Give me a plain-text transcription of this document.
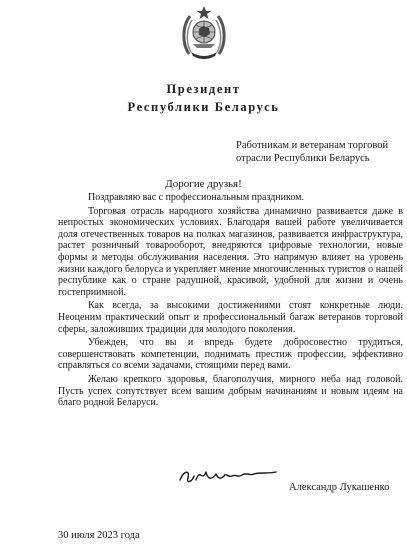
Президент
Республики Беларусь
Работникам и ветеранам торговой
отрасли Республики Беларусь
Дорогие друзья!

Поздравляю вас с профессиональным праздником.

Торговая отрасль народного хозяйства динамично развивается даже в непростых экономических условиях. Благодаря вашей работе увеличивается доля отечественных товаров на полках магазинов, развивается инфраструктура, растет розничный товарооборот, внедряются цифровые технологии, новые формы и методы обслуживания населения. Это напрямую влияет на уровень жизни каждого белоруса и укрепляет мнение многочисленных туристов о нашей республике как о стране радушной, красивой, удобной для жизни и очень гостеприимной.

Как всегда, за высокими достижениями стоят конкретные люди. Неоценим практический опыт и профессиональный багаж ветеранов торговой сферы, заложивших традиции для молодого поколения.

Убежден, что вы и впредь будете добросовестно трудиться, совершенствовать компетенции, поднимать престиж профессии, эффективно справляться со всеми задачами, стоящими перед вами.

Желаю крепкого здоровья, благополучия, мирного неба над головой. Пусть успех сопутствует всем вашим добрым начинаниям и новым идеям на благо родной Беларуси.

Александр Лукашенко
30 июля 2023 года
